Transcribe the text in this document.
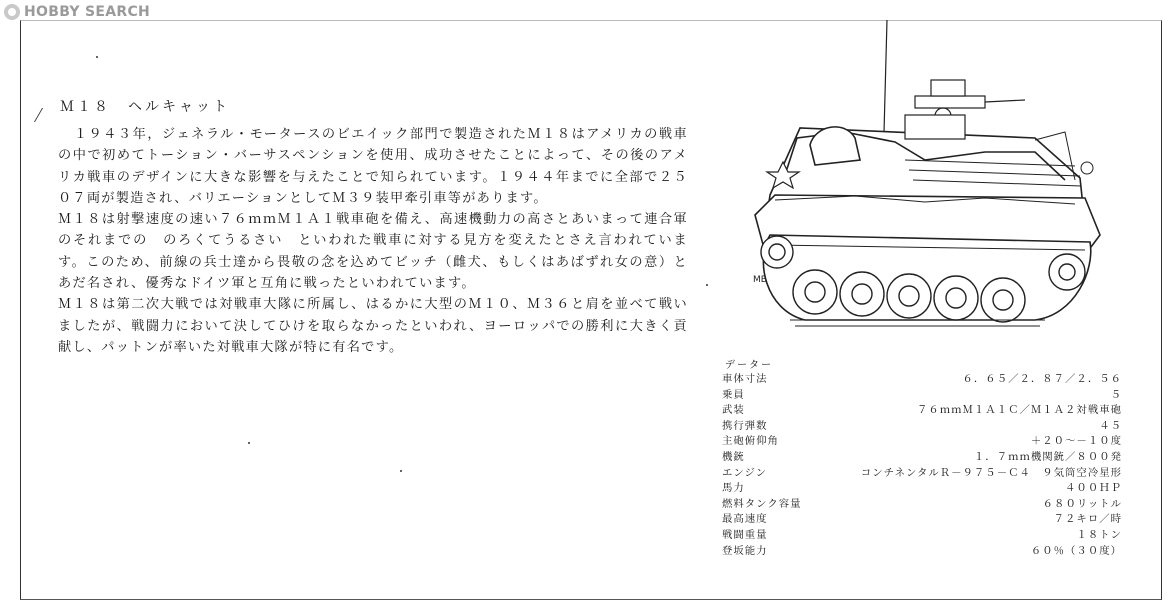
HOBBY SEARCH
Ｍ１８　ヘルキャット

１９４３年，ジェネラル・モータースのビエイック部門で製造されたＭ１８はアメリカの戦車の中で初めてトーション・バーサスペンションを使用、成功させたことによって、その後のアメリカ戦車のデザインに大きな影響を与えたことで知られています。１９４４年までに全部で２５０７両が製造され、バリエーションとしてＭ３９装甲牽引車等があります。

Ｍ１８は射撃速度の速い７６ｍｍＭ１Ａ１戦車砲を備え、高速機動力の高さとあいまって連合軍のそれまでの　のろくてうるさい　といわれた戦車に対する見方を変えたとさえ言われています。このため、前線の兵士達から畏敬の念を込めてビッチ（雌犬、もしくはあばずれ女の意）とあだ名され、優秀なドイツ軍と互角に戦ったといわれています。

Ｍ１８は第二次大戦では対戦車大隊に所属し、はるかに大型のＭ１０、Ｍ３６と肩を並べて戦いましたが、戦闘力において決してひけを取らなかったといわれ、ヨーロッパでの勝利に大きく貢献し、パットンが率いた対戦車大隊が特に有名です。

MB
データー
車体寸法	６．６５／２．８７／２．５６
乗員	５
武装	７６ｍｍＭ１Ａ１Ｃ／Ｍ１Ａ２対戦車砲
携行弾数	４５
主砲俯仰角	＋２０〜－１０度
機銃	１．７ｍｍ機関銃／８００発
エンジン	コンチネンタルＲ－９７５－Ｃ４　９気筒空冷星形
馬力	４００ＨＰ
燃料タンク容量	６８０リットル
最高速度	７２キロ／時
戦闘重量	１８トン
登坂能力	６０％（３０度）
